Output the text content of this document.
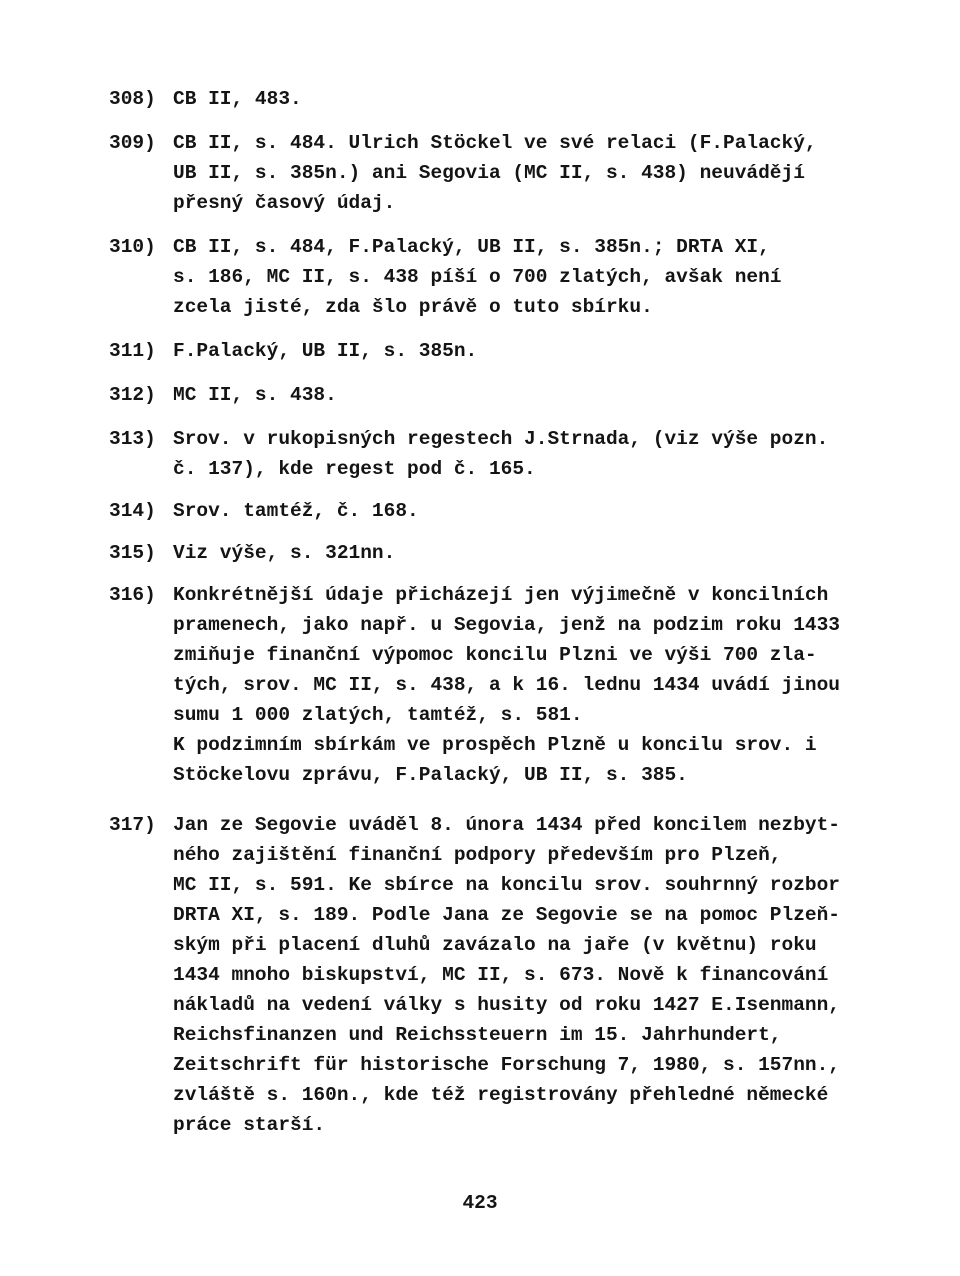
308) CB II, 483.
309) CB II, s. 484. Ulrich Stöckel ve své relaci (F.Palacký,
UB II, s. 385n.) ani Segovia (MC II, s. 438) neuvádějí
přesný časový údaj.
310) CB II, s. 484, F.Palacký, UB II, s. 385n.; DRTA XI,
s. 186, MC II, s. 438 píší o 700 zlatých, avšak není
zcela jisté, zda šlo právě o tuto sbírku.
311) F.Palacký, UB II, s. 385n.
312) MC II, s. 438.
313) Srov. v rukopisných regestech J.Strnada, (viz výše pozn.
č. 137), kde regest pod č. 165.
314) Srov. tamtéž, č. 168.
315) Viz výše, s. 321nn.
316) Konkrétnější údaje přicházejí jen výjimečně v koncilních
pramenech, jako např. u Segovia, jenž na podzim roku 1433
zmiňuje finanční výpomoc koncilu Plzni ve výši 700 zla-
tých, srov. MC II, s. 438, a k 16. lednu 1434 uvádí jinou
sumu 1 000 zlatých, tamtéž, s. 581.
K podzimním sbírkám ve prospěch Plzně u koncilu srov. i
Stöckelovu zprávu, F.Palacký, UB II, s. 385.
317) Jan ze Segovie uváděl 8. února 1434 před koncilem nezbyt-
ného zajištění finanční podpory především pro Plzeň,
MC II, s. 591. Ke sbírce na koncilu srov. souhrnný rozbor
DRTA XI, s. 189. Podle Jana ze Segovie se na pomoc Plzeň-
ským při placení dluhů zavázalo na jaře (v květnu) roku
1434 mnoho biskupství, MC II, s. 673. Nově k financování
nákladů na vedení války s husity od roku 1427 E.Isenmann,
Reichsfinanzen und Reichssteuern im 15. Jahrhundert,
Zeitschrift für historische Forschung 7, 1980, s. 157nn.,
zvláště s. 160n., kde též registrovány přehledné německé
práce starší.
423
